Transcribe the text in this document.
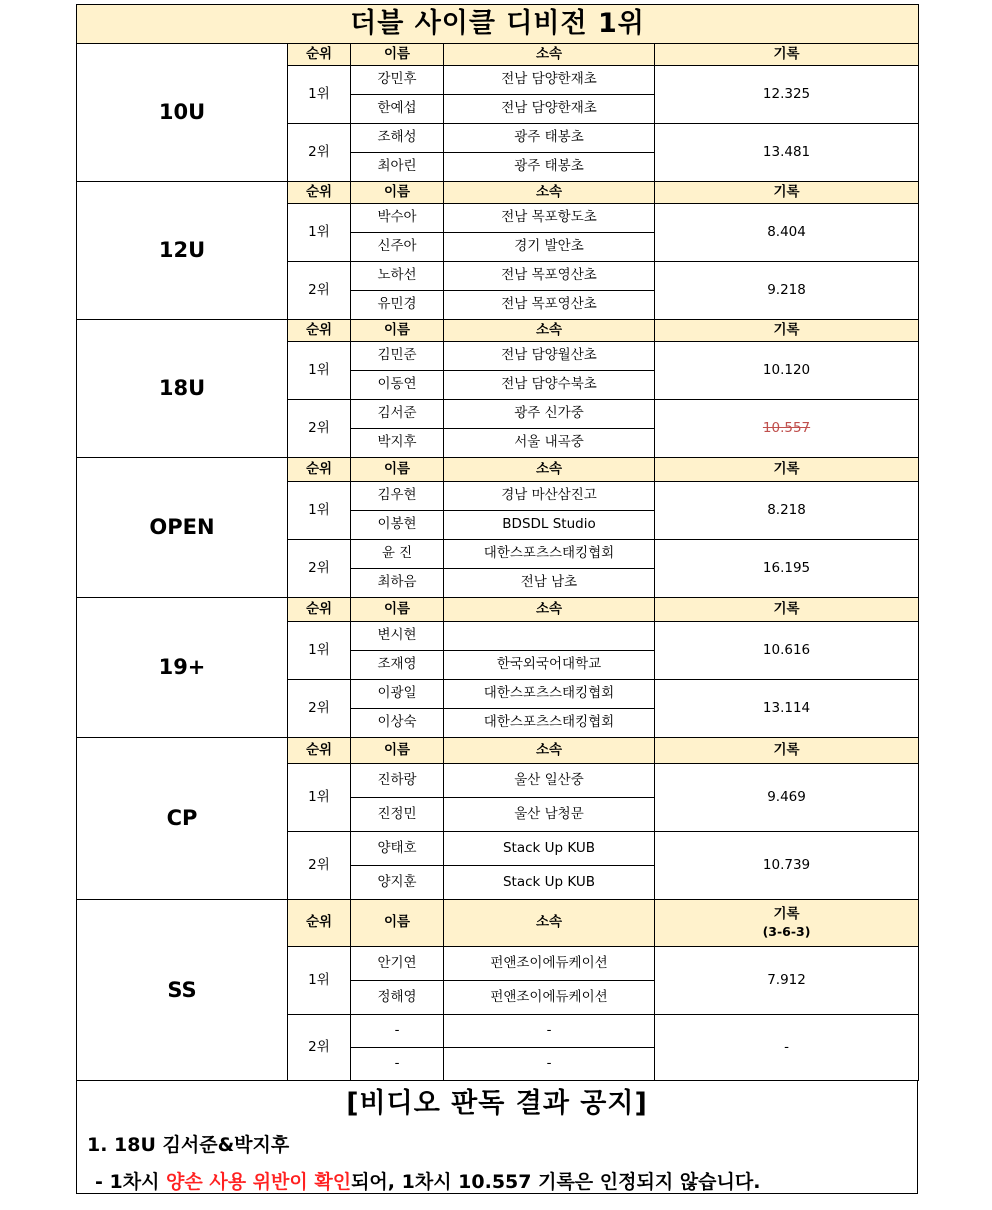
더블 사이클 디비전 1위				
10U	순위	이름	소속	기록
	1위	강민후	전남 담양한재초	12.325
		한예섭	전남 담양한재초	
	2위	조해성	광주 태봉초	13.481
		최아린	광주 태봉초	
12U	순위	이름	소속	기록
	1위	박수아	전남 목포항도초	8.404
		신주아	경기 발안초	
	2위	노하선	전남 목포영산초	9.218
		유민경	전남 목포영산초	
18U	순위	이름	소속	기록
	1위	김민준	전남 담양월산초	10.120
		이동연	전남 담양수북초	
	2위	김서준	광주 신가중	10.557
		박지후	서울 내곡중	
OPEN	순위	이름	소속	기록
	1위	김우현	경남 마산삼진고	8.218
		이봉현	BDSDL Studio	
	2위	윤 진	대한스포츠스태킹협회	16.195
		최하음	전남 남초	
19+	순위	이름	소속	기록
	1위	변시현		10.616
		조재영	한국외국어대학교	
	2위	이광일	대한스포츠스태킹협회	13.114
		이상숙	대한스포츠스태킹협회	
CP	순위	이름	소속	기록
	1위	진하랑	울산 일산중	9.469
		진정민	울산 남청문	
	2위	양태호	Stack Up KUB	10.739
		양지훈	Stack Up KUB	
SS	순위	이름	소속	기록
(3-6-3)

	1위	안기연	펀앤조이에듀케이션	7.912
		정해영	펀앤조이에듀케이션	
	2위	-	-	-
		-	-	
[비디오 판독 결과 공지]
1. 18U 김서준&박지후
- 1차시 양손 사용 위반이 확인되어, 1차시 10.557 기록은 인정되지 않습니다.
